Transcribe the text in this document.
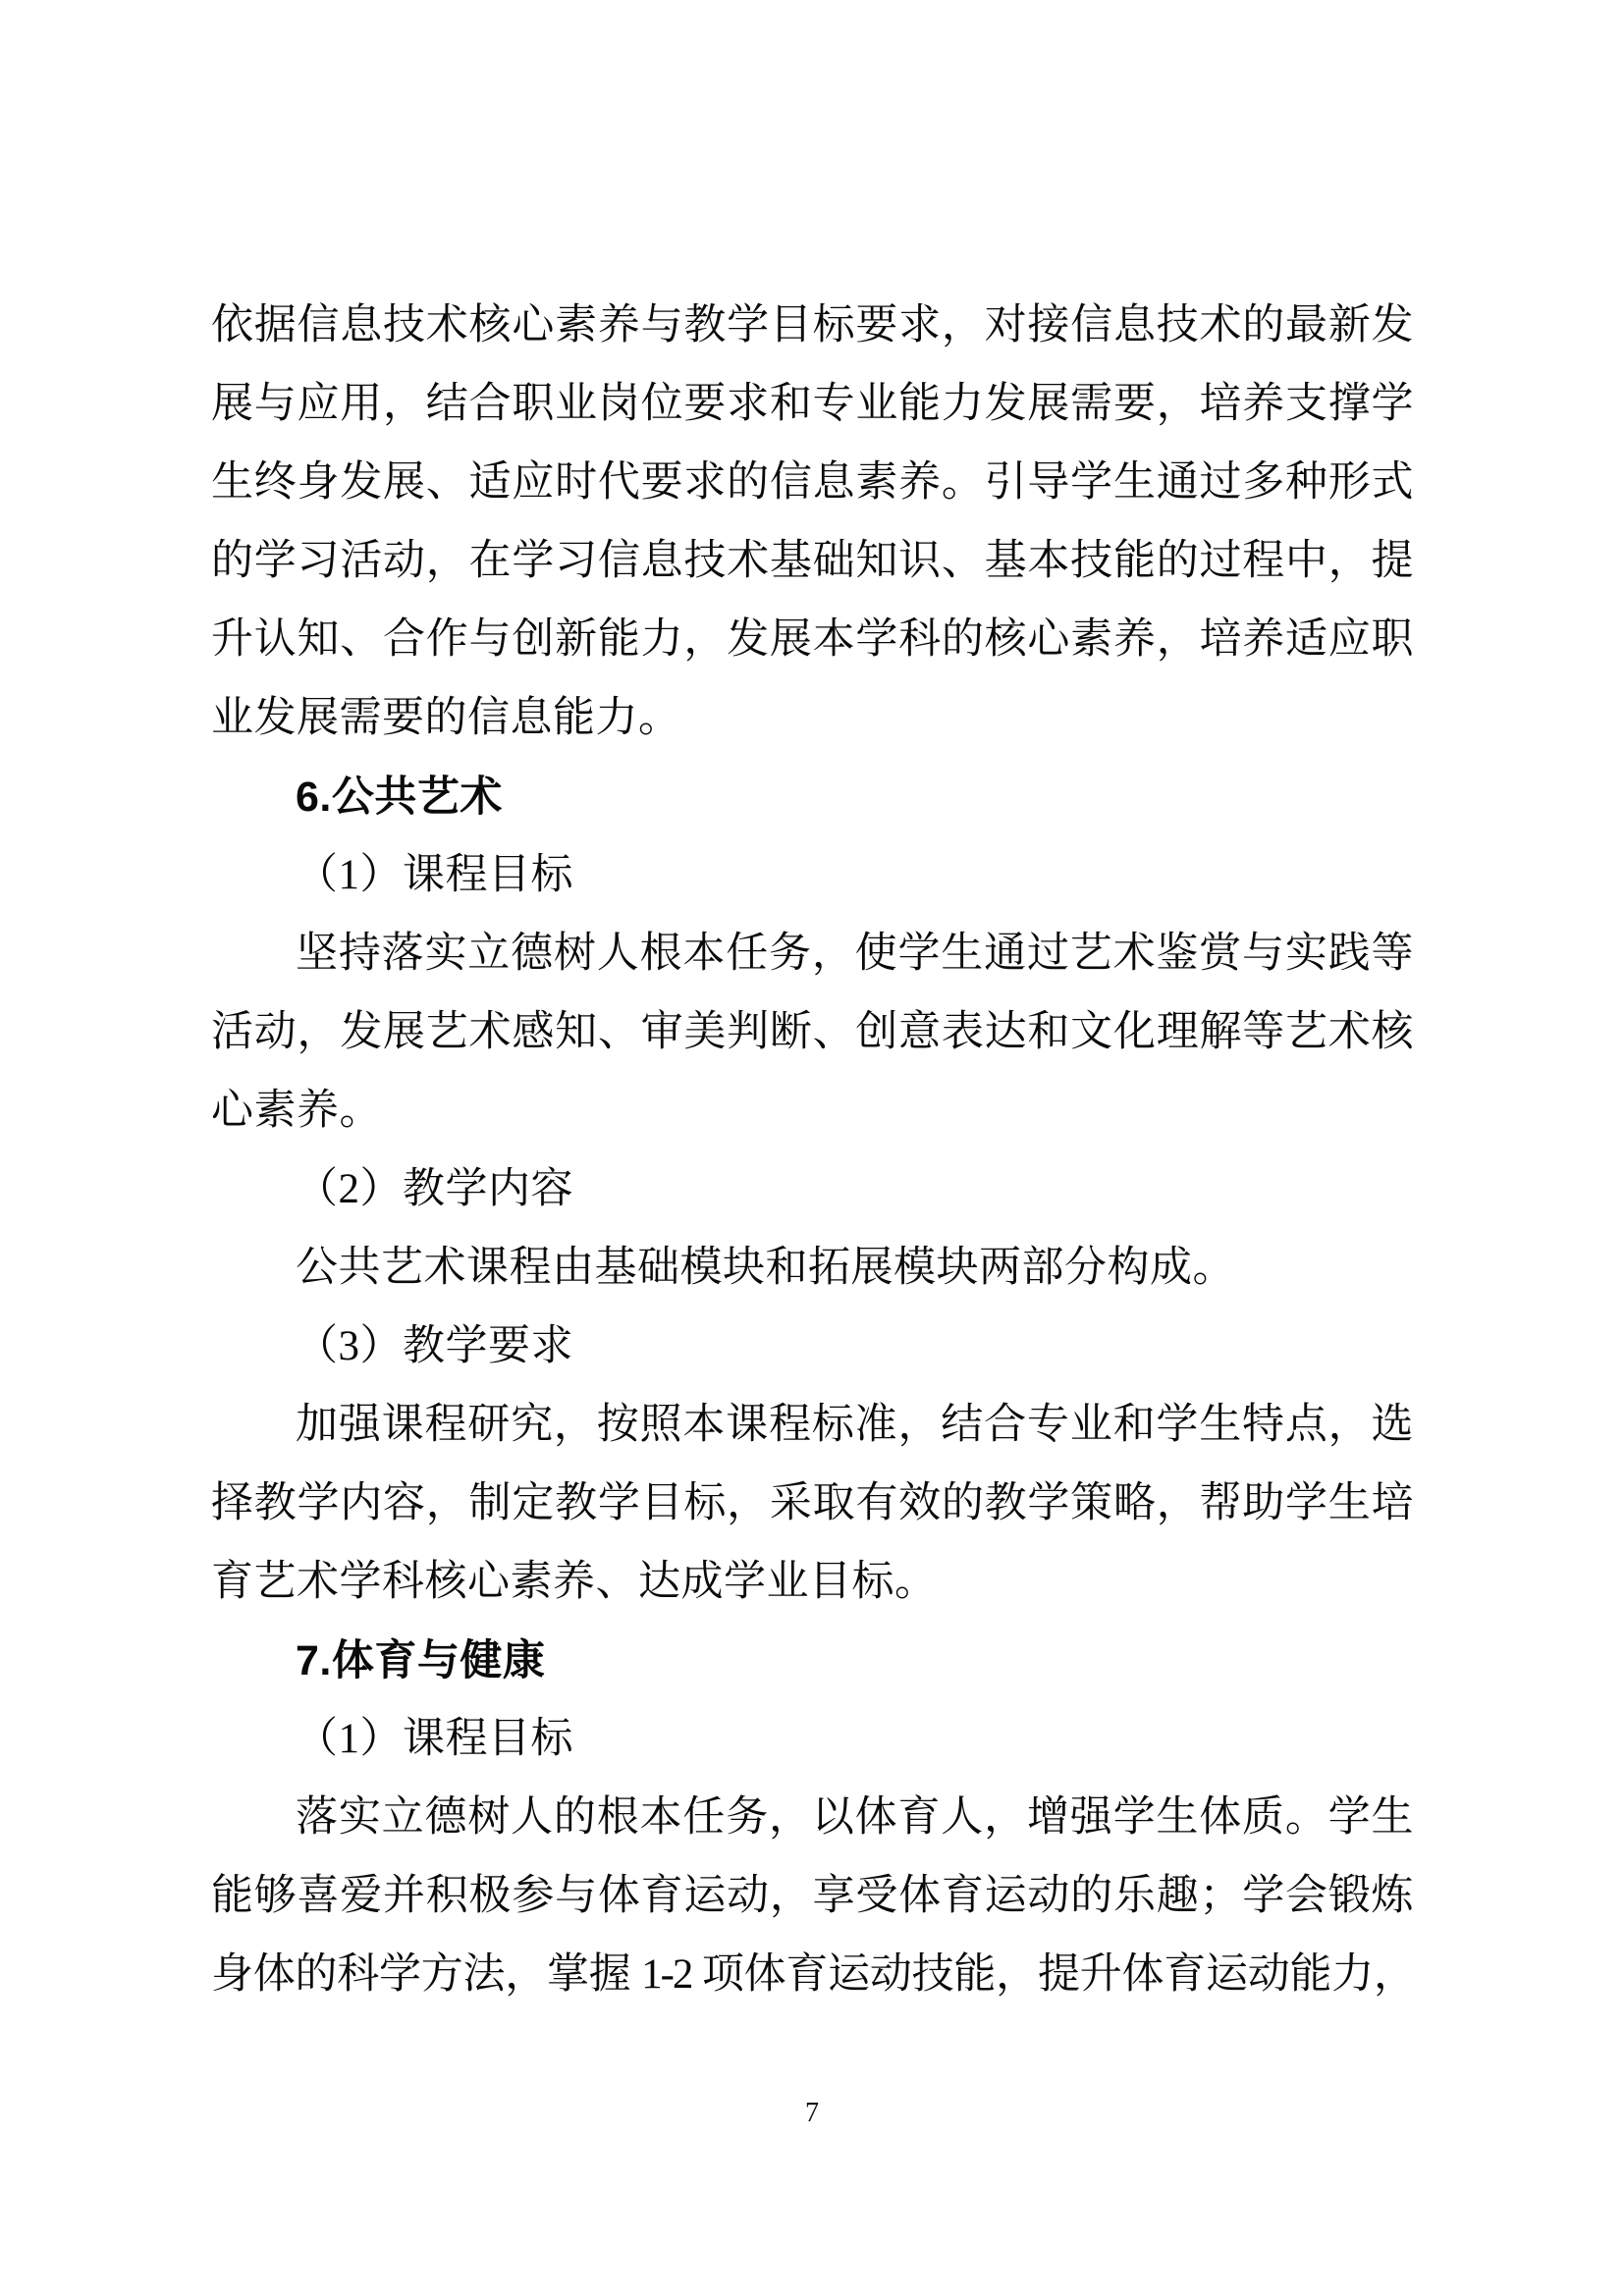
依据信息技术核心素养与教学目标要求，对接信息技术的最新发
展与应用，结合职业岗位要求和专业能力发展需要，培养支撑学
生终身发展、适应时代要求的信息素养。引导学生通过多种形式
的学习活动，在学习信息技术基础知识、基本技能的过程中，提
升认知、合作与创新能力，发展本学科的核心素养，培养适应职
业发展需要的信息能力。
6.公共艺术
（1）课程目标
坚持落实立德树人根本任务，使学生通过艺术鉴赏与实践等
活动，发展艺术感知、审美判断、创意表达和文化理解等艺术核
心素养。
（2）教学内容
公共艺术课程由基础模块和拓展模块两部分构成。
（3）教学要求
加强课程研究，按照本课程标准，结合专业和学生特点，选
择教学内容，制定教学目标，采取有效的教学策略，帮助学生培
育艺术学科核心素养、达成学业目标。
7.体育与健康
（1）课程目标
落实立德树人的根本任务，以体育人，增强学生体质。学生
能够喜爱并积极参与体育运动，享受体育运动的乐趣；学会锻炼
身体的科学方法，掌握 1-2 项体育运动技能，提升体育运动能力，
7
